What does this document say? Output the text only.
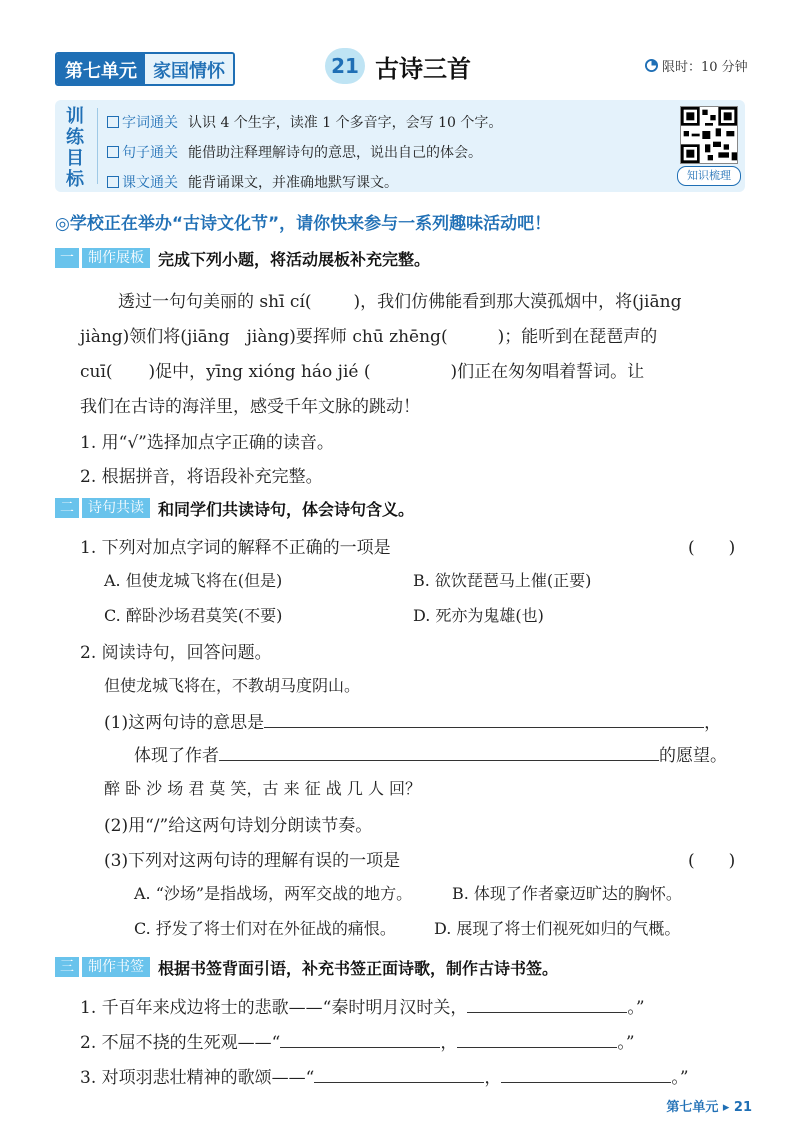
第七单元 家国情怀	21 古诗三首	限时：10 分钟
训
练
目
标
字词通关 认识 4 个生字，读准 1 个多音字，会写 10 个字。
句子通关 能借助注释理解诗句的意思，说出自己的体会。
课文通关 能背诵课文，并准确地默写课文。	知识梳理
◎学校正在举办“古诗文化节”，请你快来参与一系列趣味活动吧！
一	制作展板 完成下列小题，将活动展板补充完整。
透过一句句美丽的 shī cí( )，我们仿佛能看到那大漠孤烟中，将(jiāng
jiàng)领们将(jiāng　jiàng)要挥师 chū zhēng(	)；能听到在琵琶声的
cuī( )促中，yīng xióng háo jié (	)们正在匆匆唱着誓词。让
我们在古诗的海洋里，感受千年文脉的跳动！
1. 用“√”选择加点字正确的读音。
2. 根据拼音，将语段补充完整。
二	诗句共读 和同学们共读诗句，体会诗句含义。
1. 下列对加点字词的解释不正确的一项是	(　　)
A. 但使龙城飞将在(但是)	B. 欲饮琵琶马上催(正要)
C. 醉卧沙场君莫笑(不要)	D. 死亦为鬼雄(也)
2. 阅读诗句，回答问题。
但使龙城飞将在，不教胡马度阴山。
(1)这两句诗的意思是	，
体现了作者	的愿望。
醉 卧 沙 场 君 莫 笑，古 来 征 战 几 人 回？
(2)用“/”给这两句诗划分朗读节奏。
(3)下列对这两句诗的理解有误的一项是	(　　)
A. “沙场”是指战场，两军交战的地方。 B. 体现了作者豪迈旷达的胸怀。
C. 抒发了将士们对在外征战的痛恨。 D. 展现了将士们视死如归的气概。
三	制作书签 根据书签背面引语，补充书签正面诗歌，制作古诗书签。
1. 千百年来戍边将士的悲歌——“秦时明月汉时关，	。”
2. 不屈不挠的生死观——“	，	。”
3. 对项羽悲壮精神的歌颂——“	，	。”
第七单元 ▸ 21
